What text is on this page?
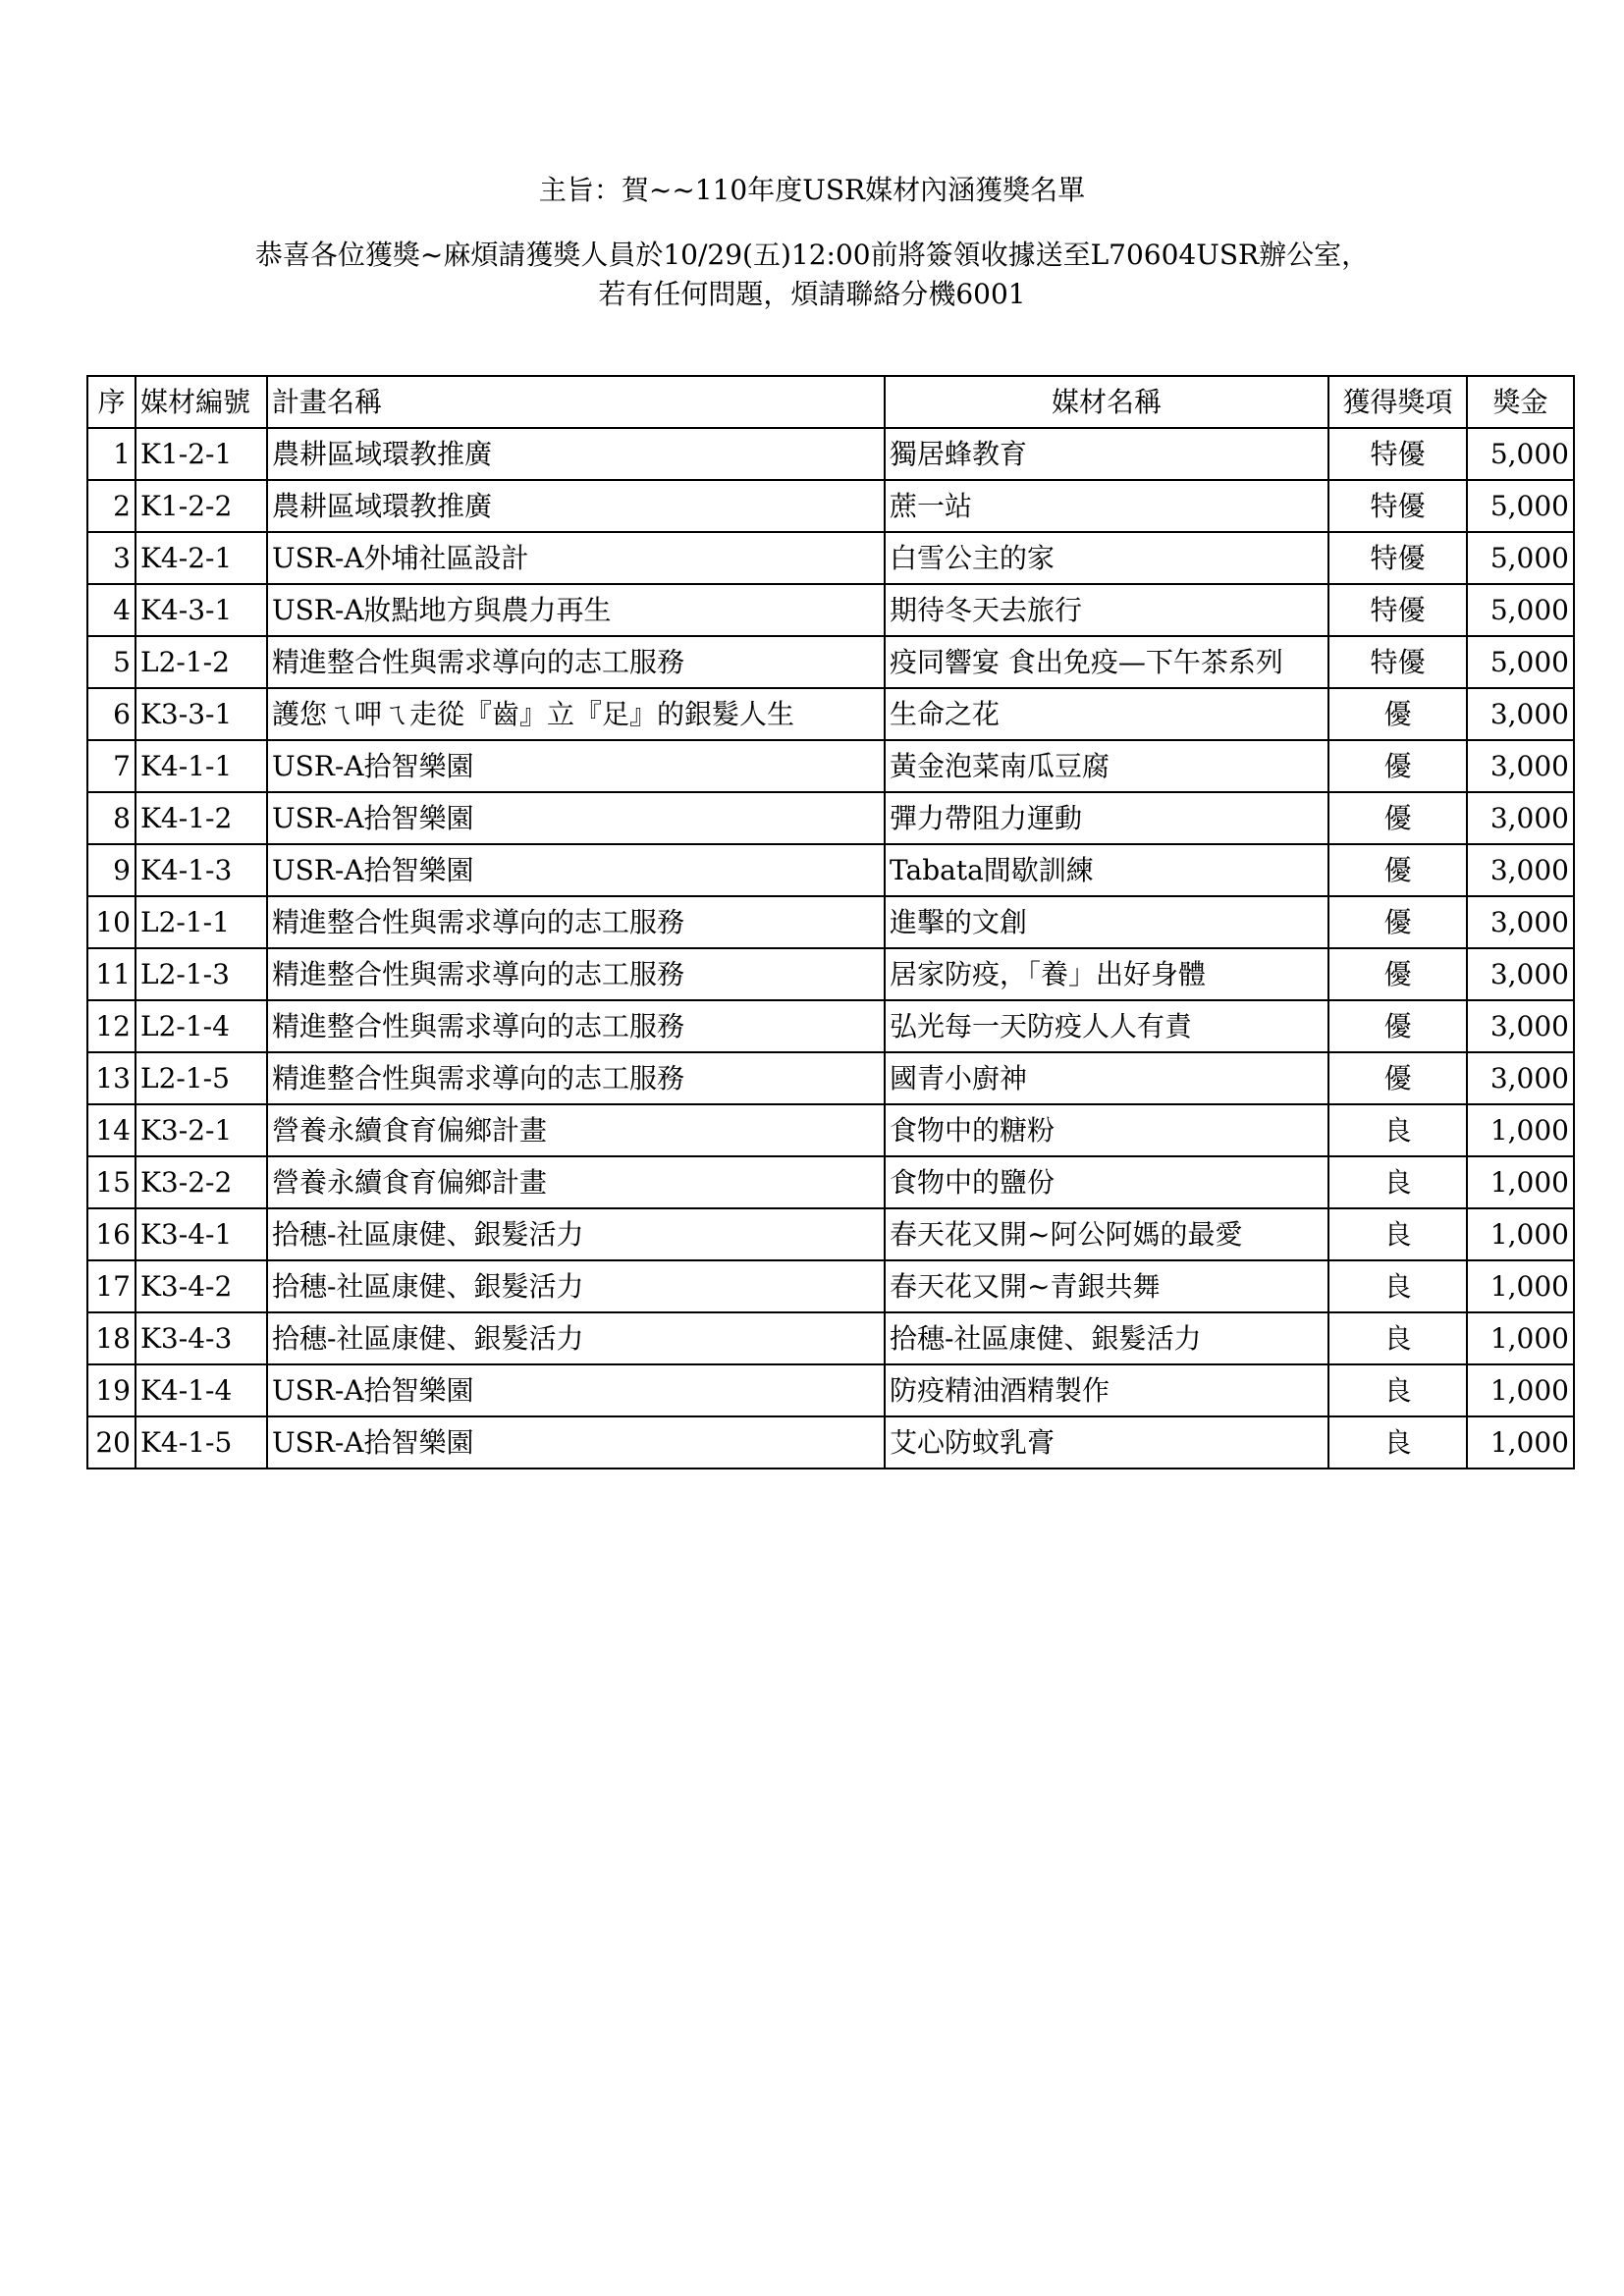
主旨：賀~~110年度USR媒材內涵獲獎名單
恭喜各位獲獎~麻煩請獲獎人員於10/29(五)12:00前將簽領收據送至L70604USR辦公室，
若有任何問題，煩請聯絡分機6001
序	媒材編號	計畫名稱	媒材名稱	獲得獎項	獎金
1	K1-2-1	農耕區域環教推廣	獨居蜂教育	特優	5,000
2	K1-2-2	農耕區域環教推廣	蔗一站	特優	5,000
3	K4-2-1	USR-A外埔社區設計	白雪公主的家	特優	5,000
4	K4-3-1	USR-A妝點地方與農力再生	期待冬天去旅行	特優	5,000
5	L2-1-2	精進整合性與需求導向的志工服務	疫同響宴 食出免疫—下午茶系列	特優	5,000
6	K3-3-1	護您ㄟ呷ㄟ走從『齒』立『足』的銀髮人生	生命之花	優	3,000
7	K4-1-1	USR-A拾智樂園	黃金泡菜南瓜豆腐	優	3,000
8	K4-1-2	USR-A拾智樂園	彈力帶阻力運動	優	3,000
9	K4-1-3	USR-A拾智樂園	Tabata間歇訓練	優	3,000
10	L2-1-1	精進整合性與需求導向的志工服務	進擊的文創	優	3,000
11	L2-1-3	精進整合性與需求導向的志工服務	居家防疫，「養」出好身體	優	3,000
12	L2-1-4	精進整合性與需求導向的志工服務	弘光每一天防疫人人有責	優	3,000
13	L2-1-5	精進整合性與需求導向的志工服務	國青小廚神	優	3,000
14	K3-2-1	營養永續食育偏鄉計畫	食物中的糖粉	良	1,000
15	K3-2-2	營養永續食育偏鄉計畫	食物中的鹽份	良	1,000
16	K3-4-1	拾穗-社區康健、銀髮活力	春天花又開~阿公阿媽的最愛	良	1,000
17	K3-4-2	拾穗-社區康健、銀髮活力	春天花又開~青銀共舞	良	1,000
18	K3-4-3	拾穗-社區康健、銀髮活力	拾穗-社區康健、銀髮活力	良	1,000
19	K4-1-4	USR-A拾智樂園	防疫精油酒精製作	良	1,000
20	K4-1-5	USR-A拾智樂園	艾心防蚊乳膏	良	1,000
